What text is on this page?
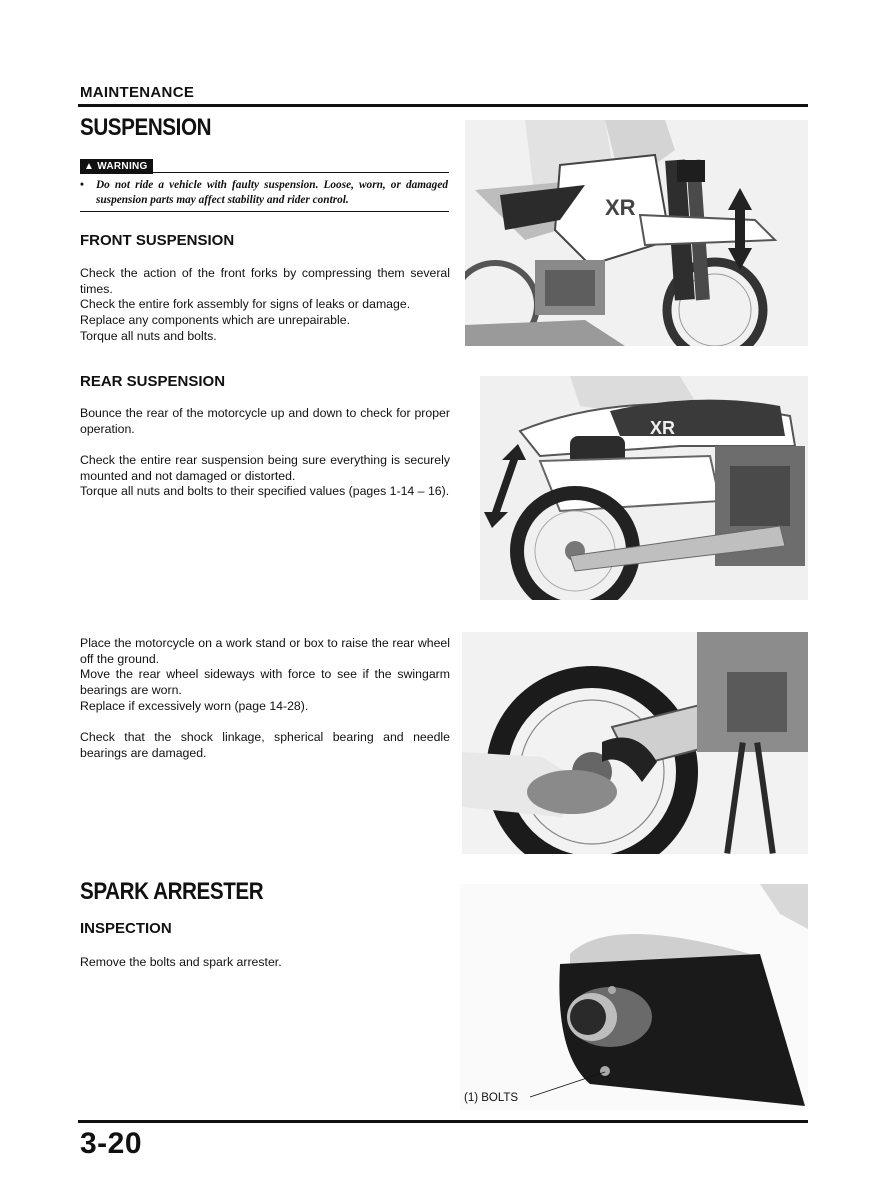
MAINTENANCE
SUSPENSION
▲ WARNING
•	Do not ride a vehicle with faulty suspension. Loose, worn, or damaged suspension parts may affect stability and rider control.
FRONT SUSPENSION

Check the action of the front forks by compressing them several times.

Check the entire fork assembly for signs of leaks or damage.

Replace any components which are unrepairable.

Torque all nuts and bolts.

REAR SUSPENSION

Bounce the rear of the motorcycle up and down to check for proper operation.

Check the entire rear suspension being sure everything is securely mounted and not damaged or distorted.

Torque all nuts and bolts to their specified values (pages 1-14 – 16).

Place the motorcycle on a work stand or box to raise the rear wheel off the ground.

Move the rear wheel sideways with force to see if the swingarm bearings are worn.

Replace if excessively worn (page 14-28).

Check that the shock linkage, spherical bearing and needle bearings are damaged.

SPARK ARRESTER
INSPECTION

Remove the bolts and spark arrester.

XR
XR
(1) BOLTS
3-20
